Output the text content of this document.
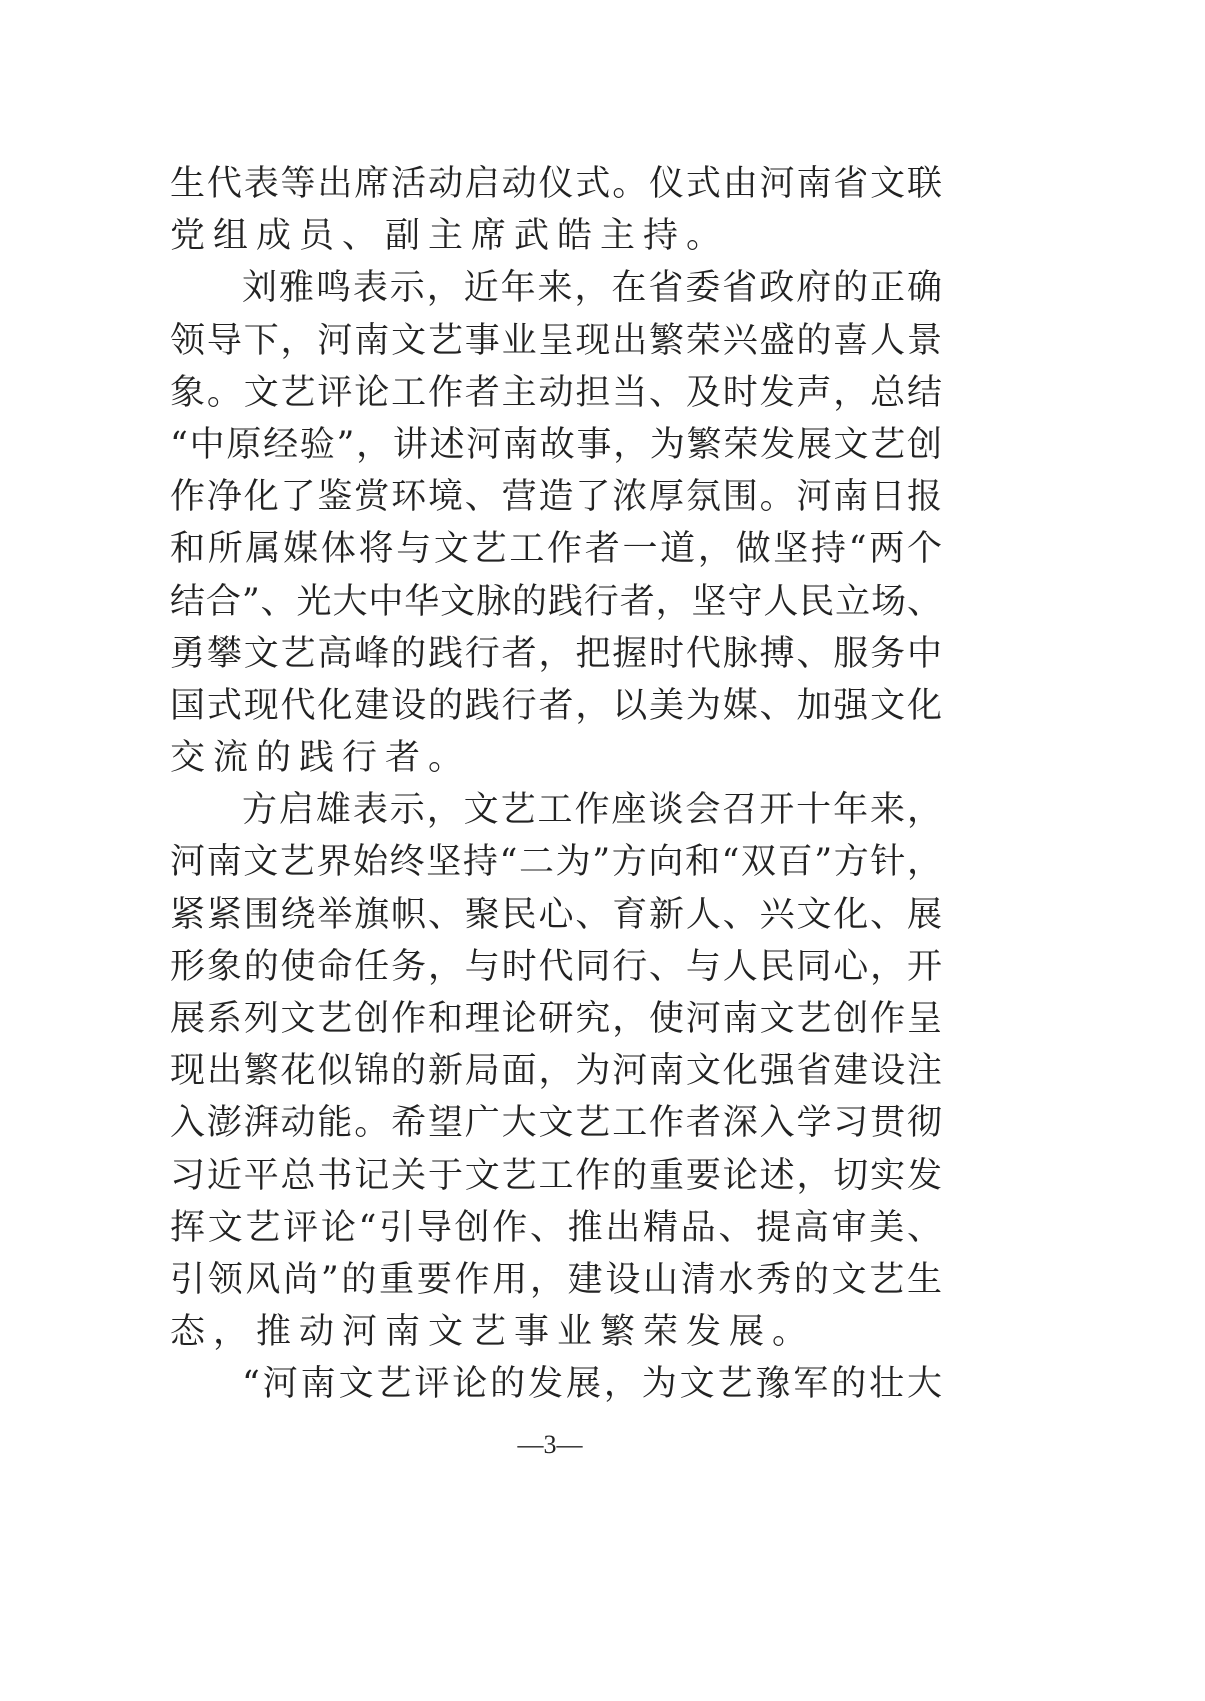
生代表等出席活动启动仪式。仪式由河南省文联
党组成员、副主席武皓主持。
刘雅鸣表示，近年来，在省委省政府的正确
领导下，河南文艺事业呈现出繁荣兴盛的喜人景
象。文艺评论工作者主动担当、及时发声，总结
“中原经验”，讲述河南故事，为繁荣发展文艺创
作净化了鉴赏环境、营造了浓厚氛围。河南日报
和所属媒体将与文艺工作者一道，做坚持“两个
结合”、光大中华文脉的践行者，坚守人民立场、
勇攀文艺高峰的践行者，把握时代脉搏、服务中
国式现代化建设的践行者，以美为媒、加强文化
交流的践行者。
方启雄表示，文艺工作座谈会召开十年来，
河南文艺界始终坚持“二为”方向和“双百”方针，
紧紧围绕举旗帜、聚民心、育新人、兴文化、展
形象的使命任务，与时代同行、与人民同心，开
展系列文艺创作和理论研究，使河南文艺创作呈
现出繁花似锦的新局面，为河南文化强省建设注
入澎湃动能。希望广大文艺工作者深入学习贯彻
习近平总书记关于文艺工作的重要论述，切实发
挥文艺评论“引导创作、推出精品、提高审美、
引领风尚”的重要作用，建设山清水秀的文艺生
态，推动河南文艺事业繁荣发展。
“河南文艺评论的发展，为文艺豫军的壮大
—3—
